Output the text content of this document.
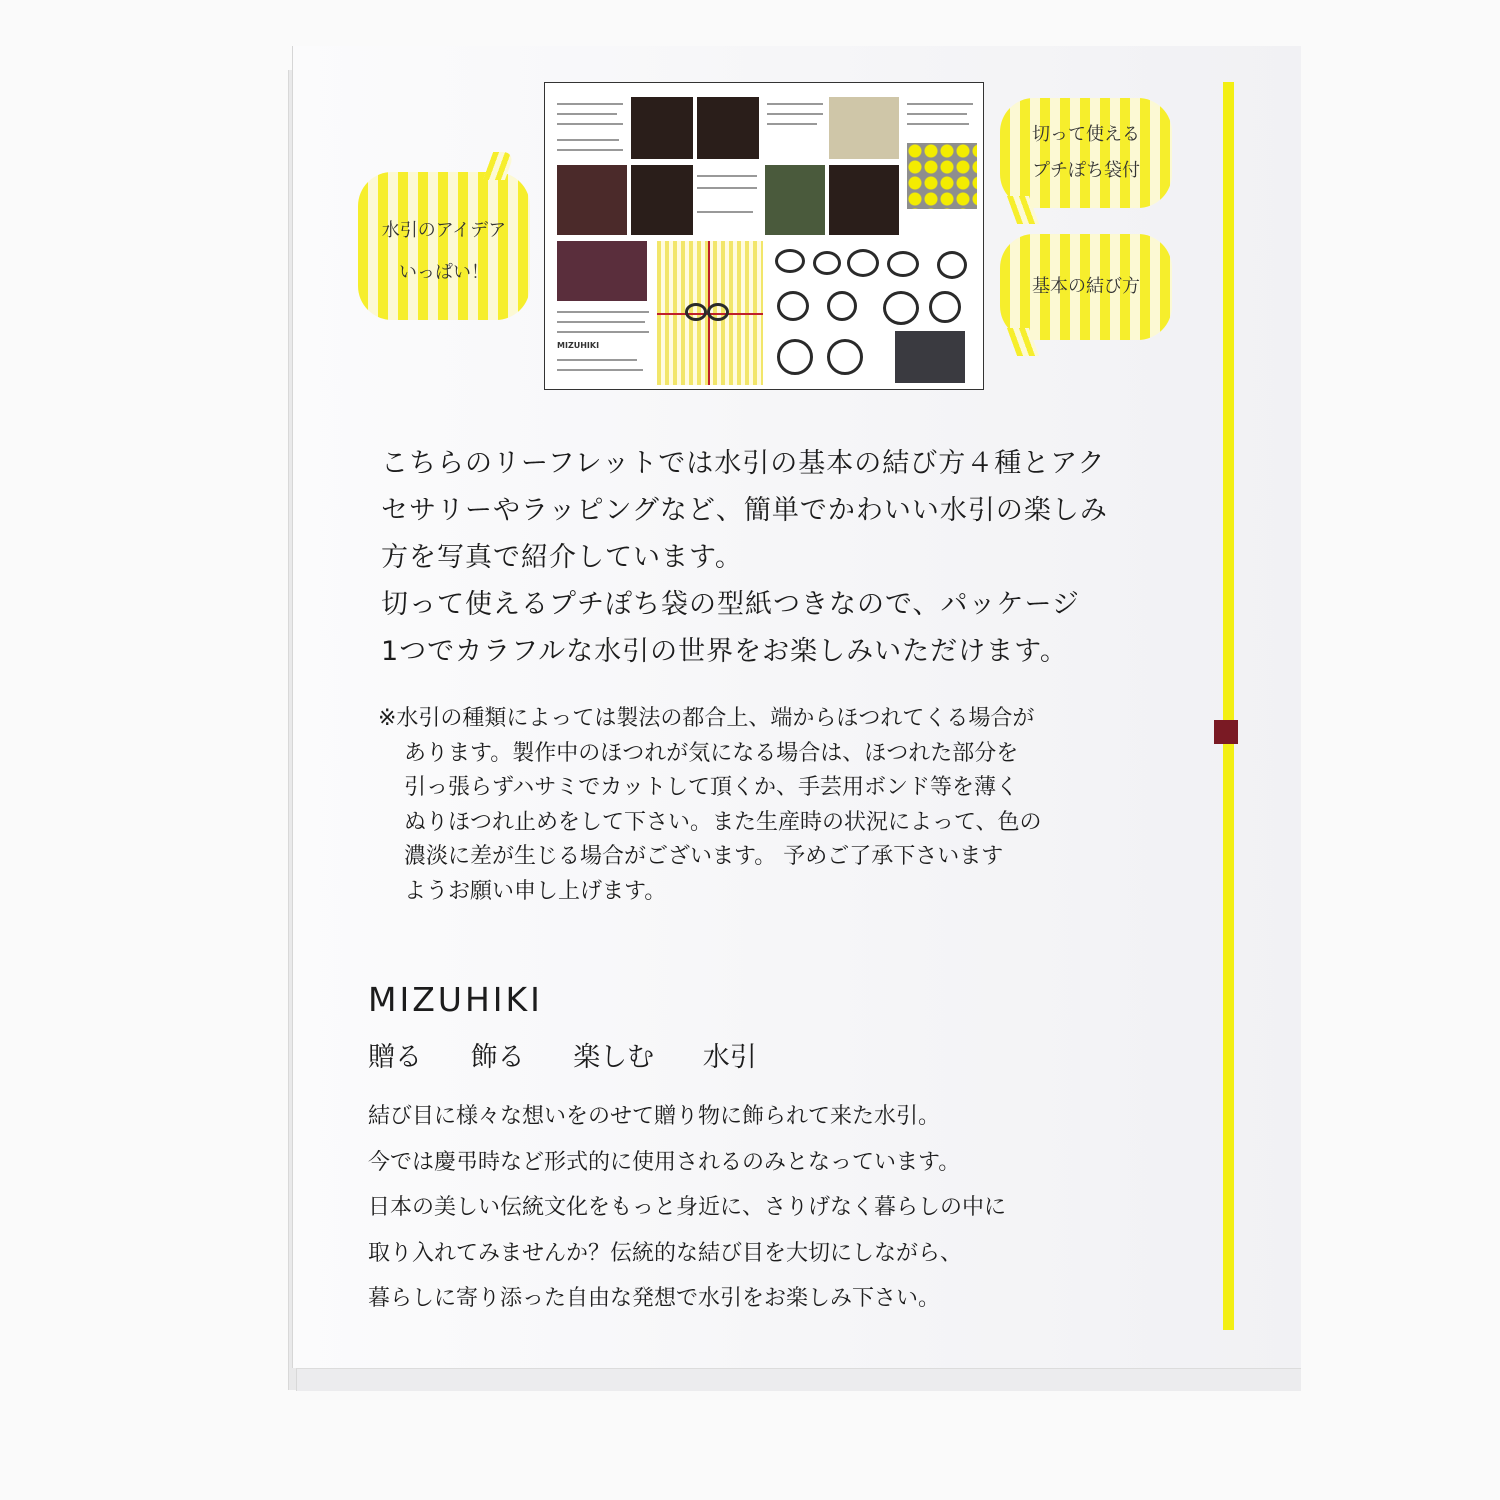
水引のアイデア
いっぱい！
切って使える
プチぽち袋付
基本の結び方
MIZUHIKI
こちらのリーフレットでは水引の基本の結び方４種とアク
セサリーやラッピングなど、簡単でかわいい水引の楽しみ
方を写真で紹介しています。
切って使えるプチぽち袋の型紙つきなので、パッケージ
1つでカラフルな水引の世界をお楽しみいただけます。
※水引の種類によっては製法の都合上、端からほつれてくる場合が
あります。製作中のほつれが気になる場合は、ほつれた部分を
引っ張らずハサミでカットして頂くか、手芸用ボンド等を薄く
ぬりほつれ止めをして下さい。また生産時の状況によって、色の
濃淡に差が生じる場合がございます。 予めご了承下さいます
ようお願い申し上げます。
MIZUHIKI
贈る 飾る 楽しむ 水引
結び目に様々な想いをのせて贈り物に飾られて来た水引。
今では慶弔時など形式的に使用されるのみとなっています。
日本の美しい伝統文化をもっと身近に、さりげなく暮らしの中に
取り入れてみませんか？伝統的な結び目を大切にしながら、
暮らしに寄り添った自由な発想で水引をお楽しみ下さい。
